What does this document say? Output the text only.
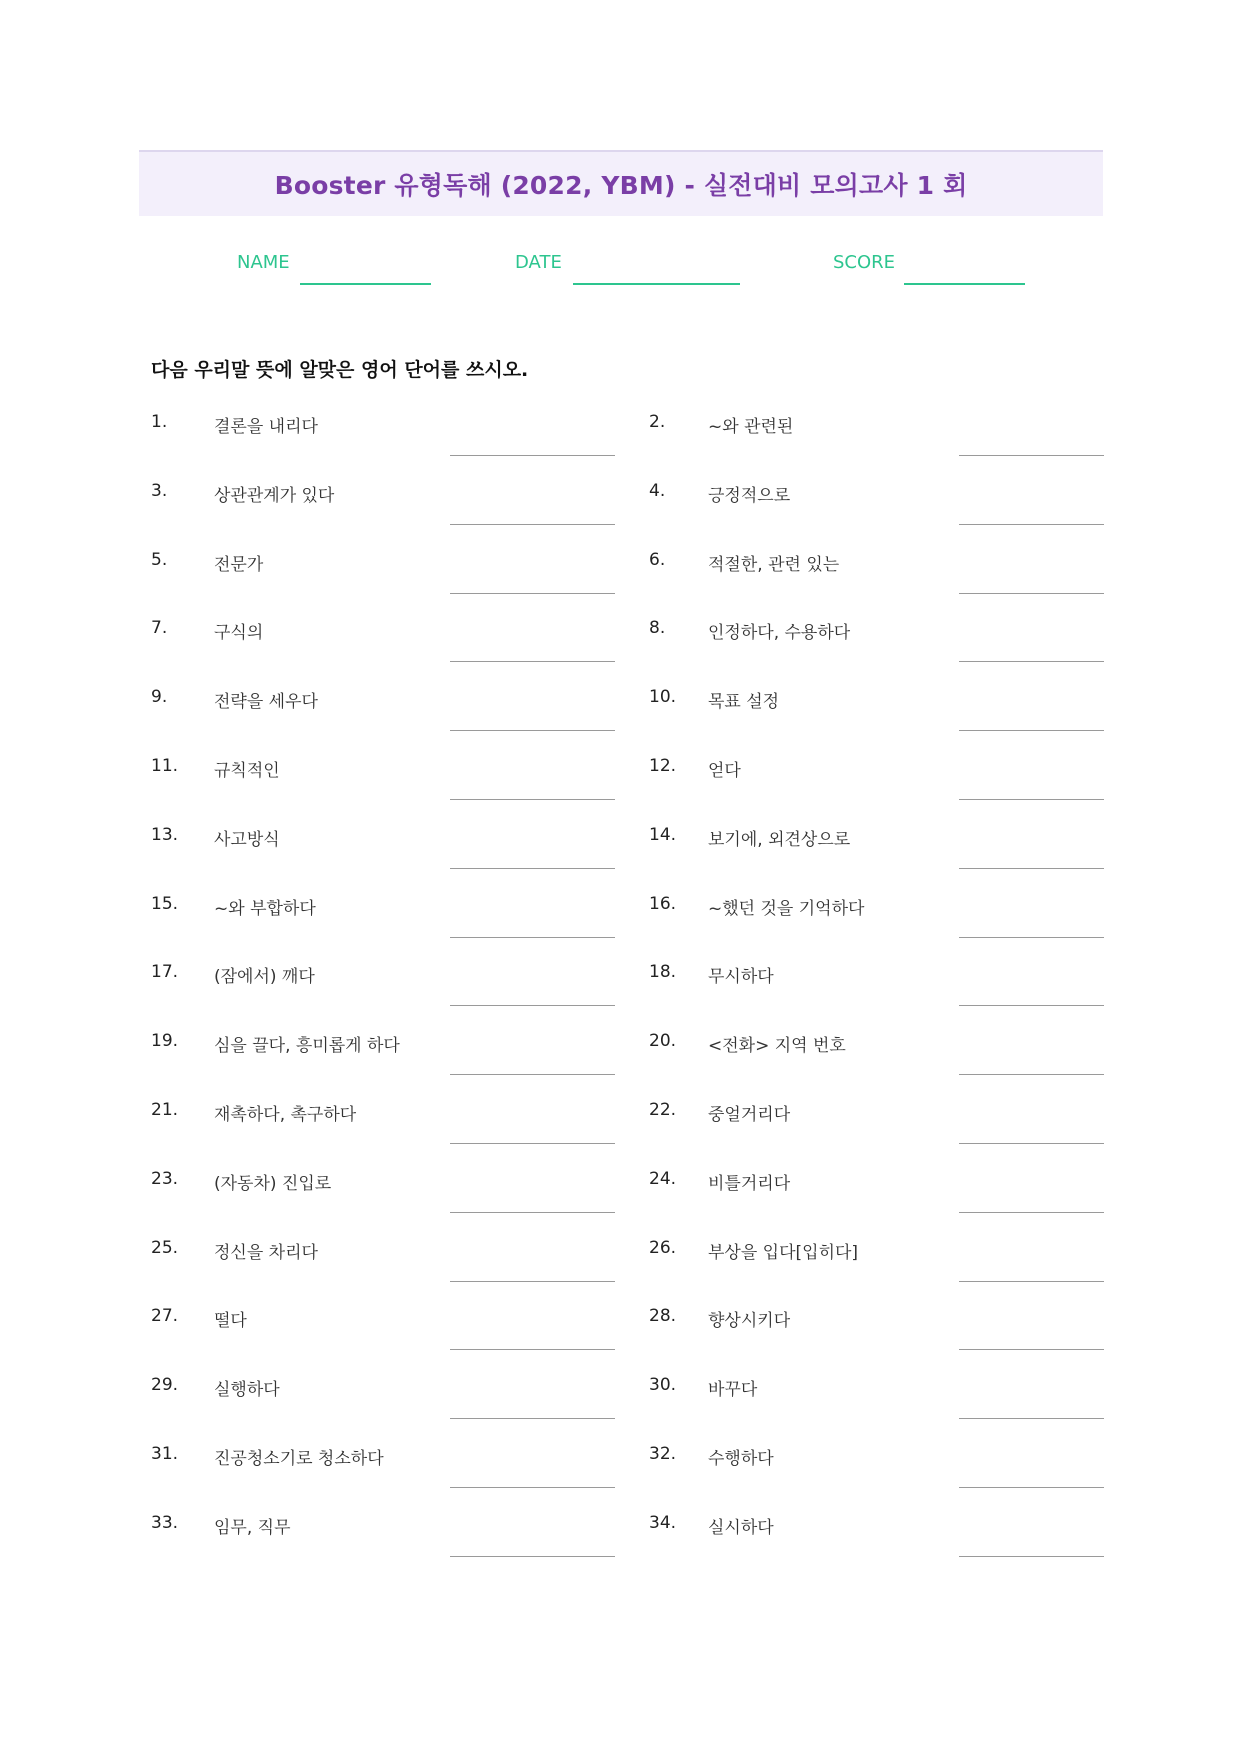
Booster 유형독해 (2022, YBM) - 실전대비 모의고사 1 회
NAME	DATE	SCORE
다음 우리말 뜻에 알맞은 영어 단어를 쓰시오.
1.	결론을 내리다	2.	~와 관련된
3.	상관관계가 있다	4.	긍정적으로
5.	전문가	6.	적절한, 관련 있는
7.	구식의	8.	인정하다, 수용하다
9.	전략을 세우다	10. 목표 설정
11. 규칙적인	12. 얻다
13. 사고방식	14. 보기에, 외견상으로
15. ~와 부합하다	16. ~했던 것을 기억하다
17. (잠에서) 깨다	18. 무시하다
19. 심을 끌다, 흥미롭게 하다	20. <전화> 지역 번호
21. 재촉하다, 촉구하다	22. 중얼거리다
23. (자동차) 진입로	24. 비틀거리다
25. 정신을 차리다	26. 부상을 입다[입히다]
27. 떨다	28. 향상시키다
29. 실행하다	30. 바꾸다
31. 진공청소기로 청소하다	32. 수행하다
33. 임무, 직무	34. 실시하다
